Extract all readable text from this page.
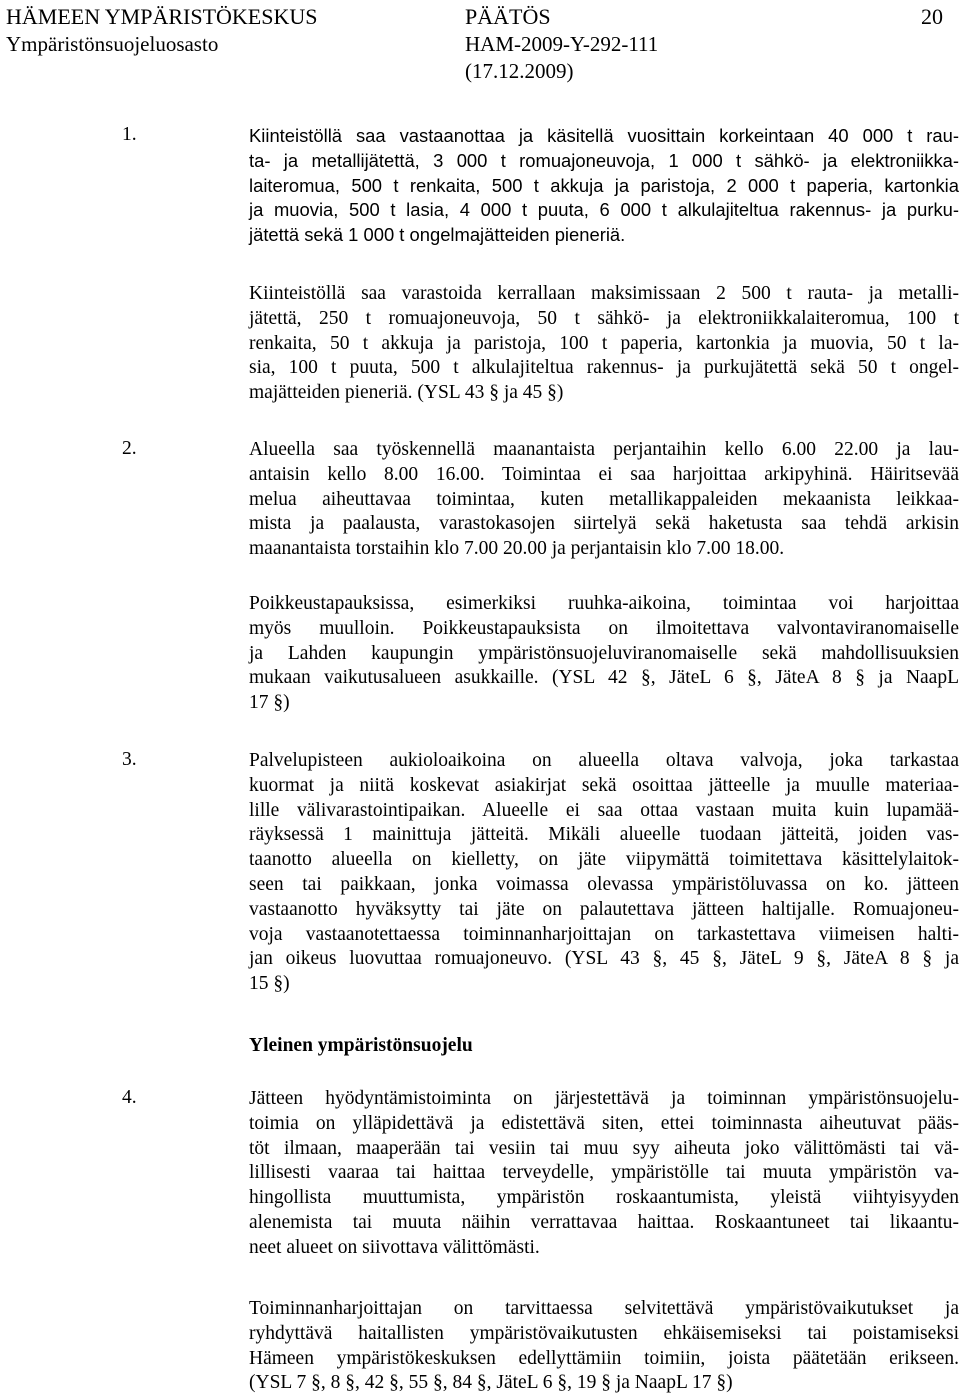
HÄMEEN YMPÄRISTÖKESKUS
Ympäristönsuojeluosasto
PÄÄTÖS
HAM-2009-Y-292-111
(17.12.2009)
20
1.	Kiinteistöllä saa vastaanottaa ja käsitellä vuosittain korkeintaan 40 000 t rau-
ta- ja metallijätettä, 3 000 t romuajoneuvoja, 1 000 t sähkö- ja elektroniikka-
laiteromua, 500 t renkaita, 500 t akkuja ja paristoja, 2 000 t paperia, kartonkia
ja muovia, 500 t lasia, 4 000 t puuta, 6 000 t alkulajiteltua rakennus- ja purku-
jätettä sekä 1 000 t ongelmajätteiden pieneriä.
Kiinteistöllä saa varastoida kerrallaan maksimissaan 2 500 t rauta- ja metalli-
jätettä, 250 t romuajoneuvoja, 50 t sähkö- ja elektroniikkalaiteromua, 100 t
renkaita, 50 t akkuja ja paristoja, 100 t paperia, kartonkia ja muovia, 50 t la-
sia, 100 t puuta, 500 t alkulajiteltua rakennus- ja purkujätettä sekä 50 t ongel-
majätteiden pieneriä. (YSL 43 § ja 45 §)
2.	Alueella saa työskennellä maanantaista perjantaihin kello 6.00 22.00 ja lau-
antaisin kello 8.00 16.00. Toimintaa ei saa harjoittaa arkipyhinä. Häiritsevää
melua aiheuttavaa toimintaa, kuten metallikappaleiden mekaanista leikkaa-
mista ja paalausta, varastokasojen siirtelyä sekä haketusta saa tehdä arkisin
maanantaista torstaihin klo 7.00 20.00 ja perjantaisin klo 7.00 18.00.
Poikkeustapauksissa, esimerkiksi ruuhka-aikoina, toimintaa voi harjoittaa
myös muulloin. Poikkeustapauksista on ilmoitettava valvontaviranomaiselle
ja Lahden kaupungin ympäristönsuojeluviranomaiselle sekä mahdollisuuksien
mukaan vaikutusalueen asukkaille. (YSL 42 §, JäteL 6 §, JäteA 8 § ja NaapL
17 §)
3.	Palvelupisteen aukioloaikoina on alueella oltava valvoja, joka tarkastaa
kuormat ja niitä koskevat asiakirjat sekä osoittaa jätteelle ja muulle materiaa-
lille välivarastointipaikan. Alueelle ei saa ottaa vastaan muita kuin lupamää-
räyksessä 1 mainittuja jätteitä. Mikäli alueelle tuodaan jätteitä, joiden vas-
taanotto alueella on kielletty, on jäte viipymättä toimitettava käsittelylaitok-
seen tai paikkaan, jonka voimassa olevassa ympäristöluvassa on ko. jätteen
vastaanotto hyväksytty tai jäte on palautettava jätteen haltijalle. Romuajoneu-
voja vastaanotettaessa toiminnanharjoittajan on tarkastettava viimeisen halti-
jan oikeus luovuttaa romuajoneuvo. (YSL 43 §, 45 §, JäteL 9 §, JäteA 8 § ja
15 §)
Yleinen ympäristönsuojelu
4.	Jätteen hyödyntämistoiminta on järjestettävä ja toiminnan ympäristönsuojelu-
toimia on ylläpidettävä ja edistettävä siten, ettei toiminnasta aiheutuvat pääs-
töt ilmaan, maaperään tai vesiin tai muu syy aiheuta joko välittömästi tai vä-
lillisesti vaaraa tai haittaa terveydelle, ympäristölle tai muuta ympäristön va-
hingollista muuttumista, ympäristön roskaantumista, yleistä viihtyisyyden
alenemista tai muuta näihin verrattavaa haittaa. Roskaantuneet tai likaantu-
neet alueet on siivottava välittömästi.
Toiminnanharjoittajan on tarvittaessa selvitettävä ympäristövaikutukset ja
ryhdyttävä haitallisten ympäristövaikutusten ehkäisemiseksi tai poistamiseksi
Hämeen ympäristökeskuksen edellyttämiin toimiin, joista päätetään erikseen.
(YSL 7 §, 8 §, 42 §, 55 §, 84 §, JäteL 6 §, 19 § ja NaapL 17 §)
